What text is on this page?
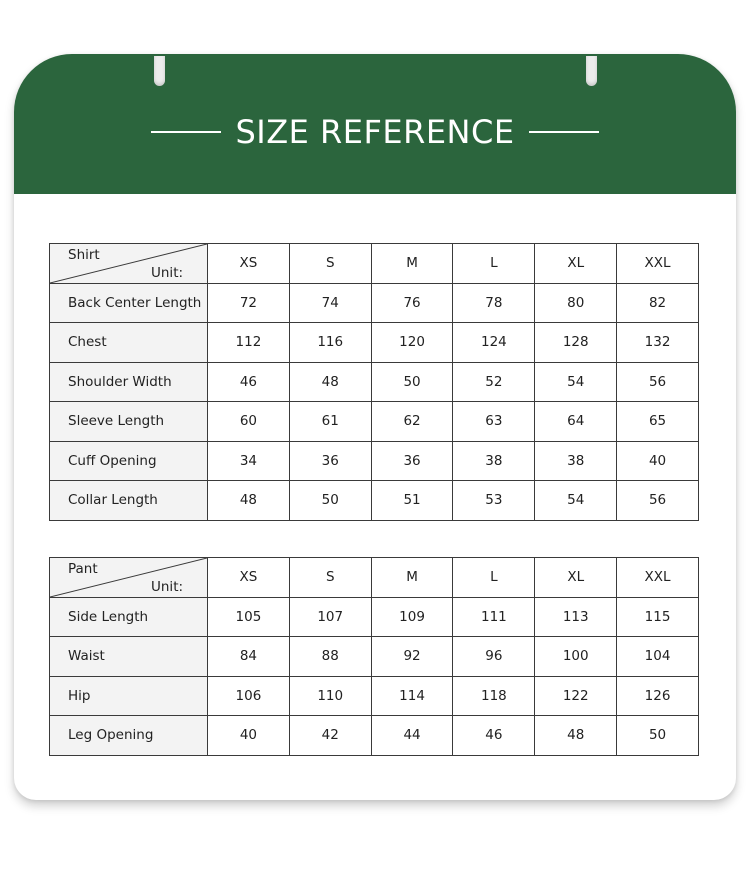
SIZE REFERENCE
Shirt
Unit:	XS	S	M	L	XL	XXL
Back Center Length	72	74	76	78	80	82
Chest	112	116	120	124	128	132
Shoulder Width	46	48	50	52	54	56
Sleeve Length	60	61	62	63	64	65
Cuff Opening	34	36	36	38	38	40
Collar Length	48	50	51	53	54	56
Pant
Unit:	XS	S	M	L	XL	XXL
Side Length	105	107	109	111	113	115
Waist	84	88	92	96	100	104
Hip	106	110	114	118	122	126
Leg Opening	40	42	44	46	48	50
